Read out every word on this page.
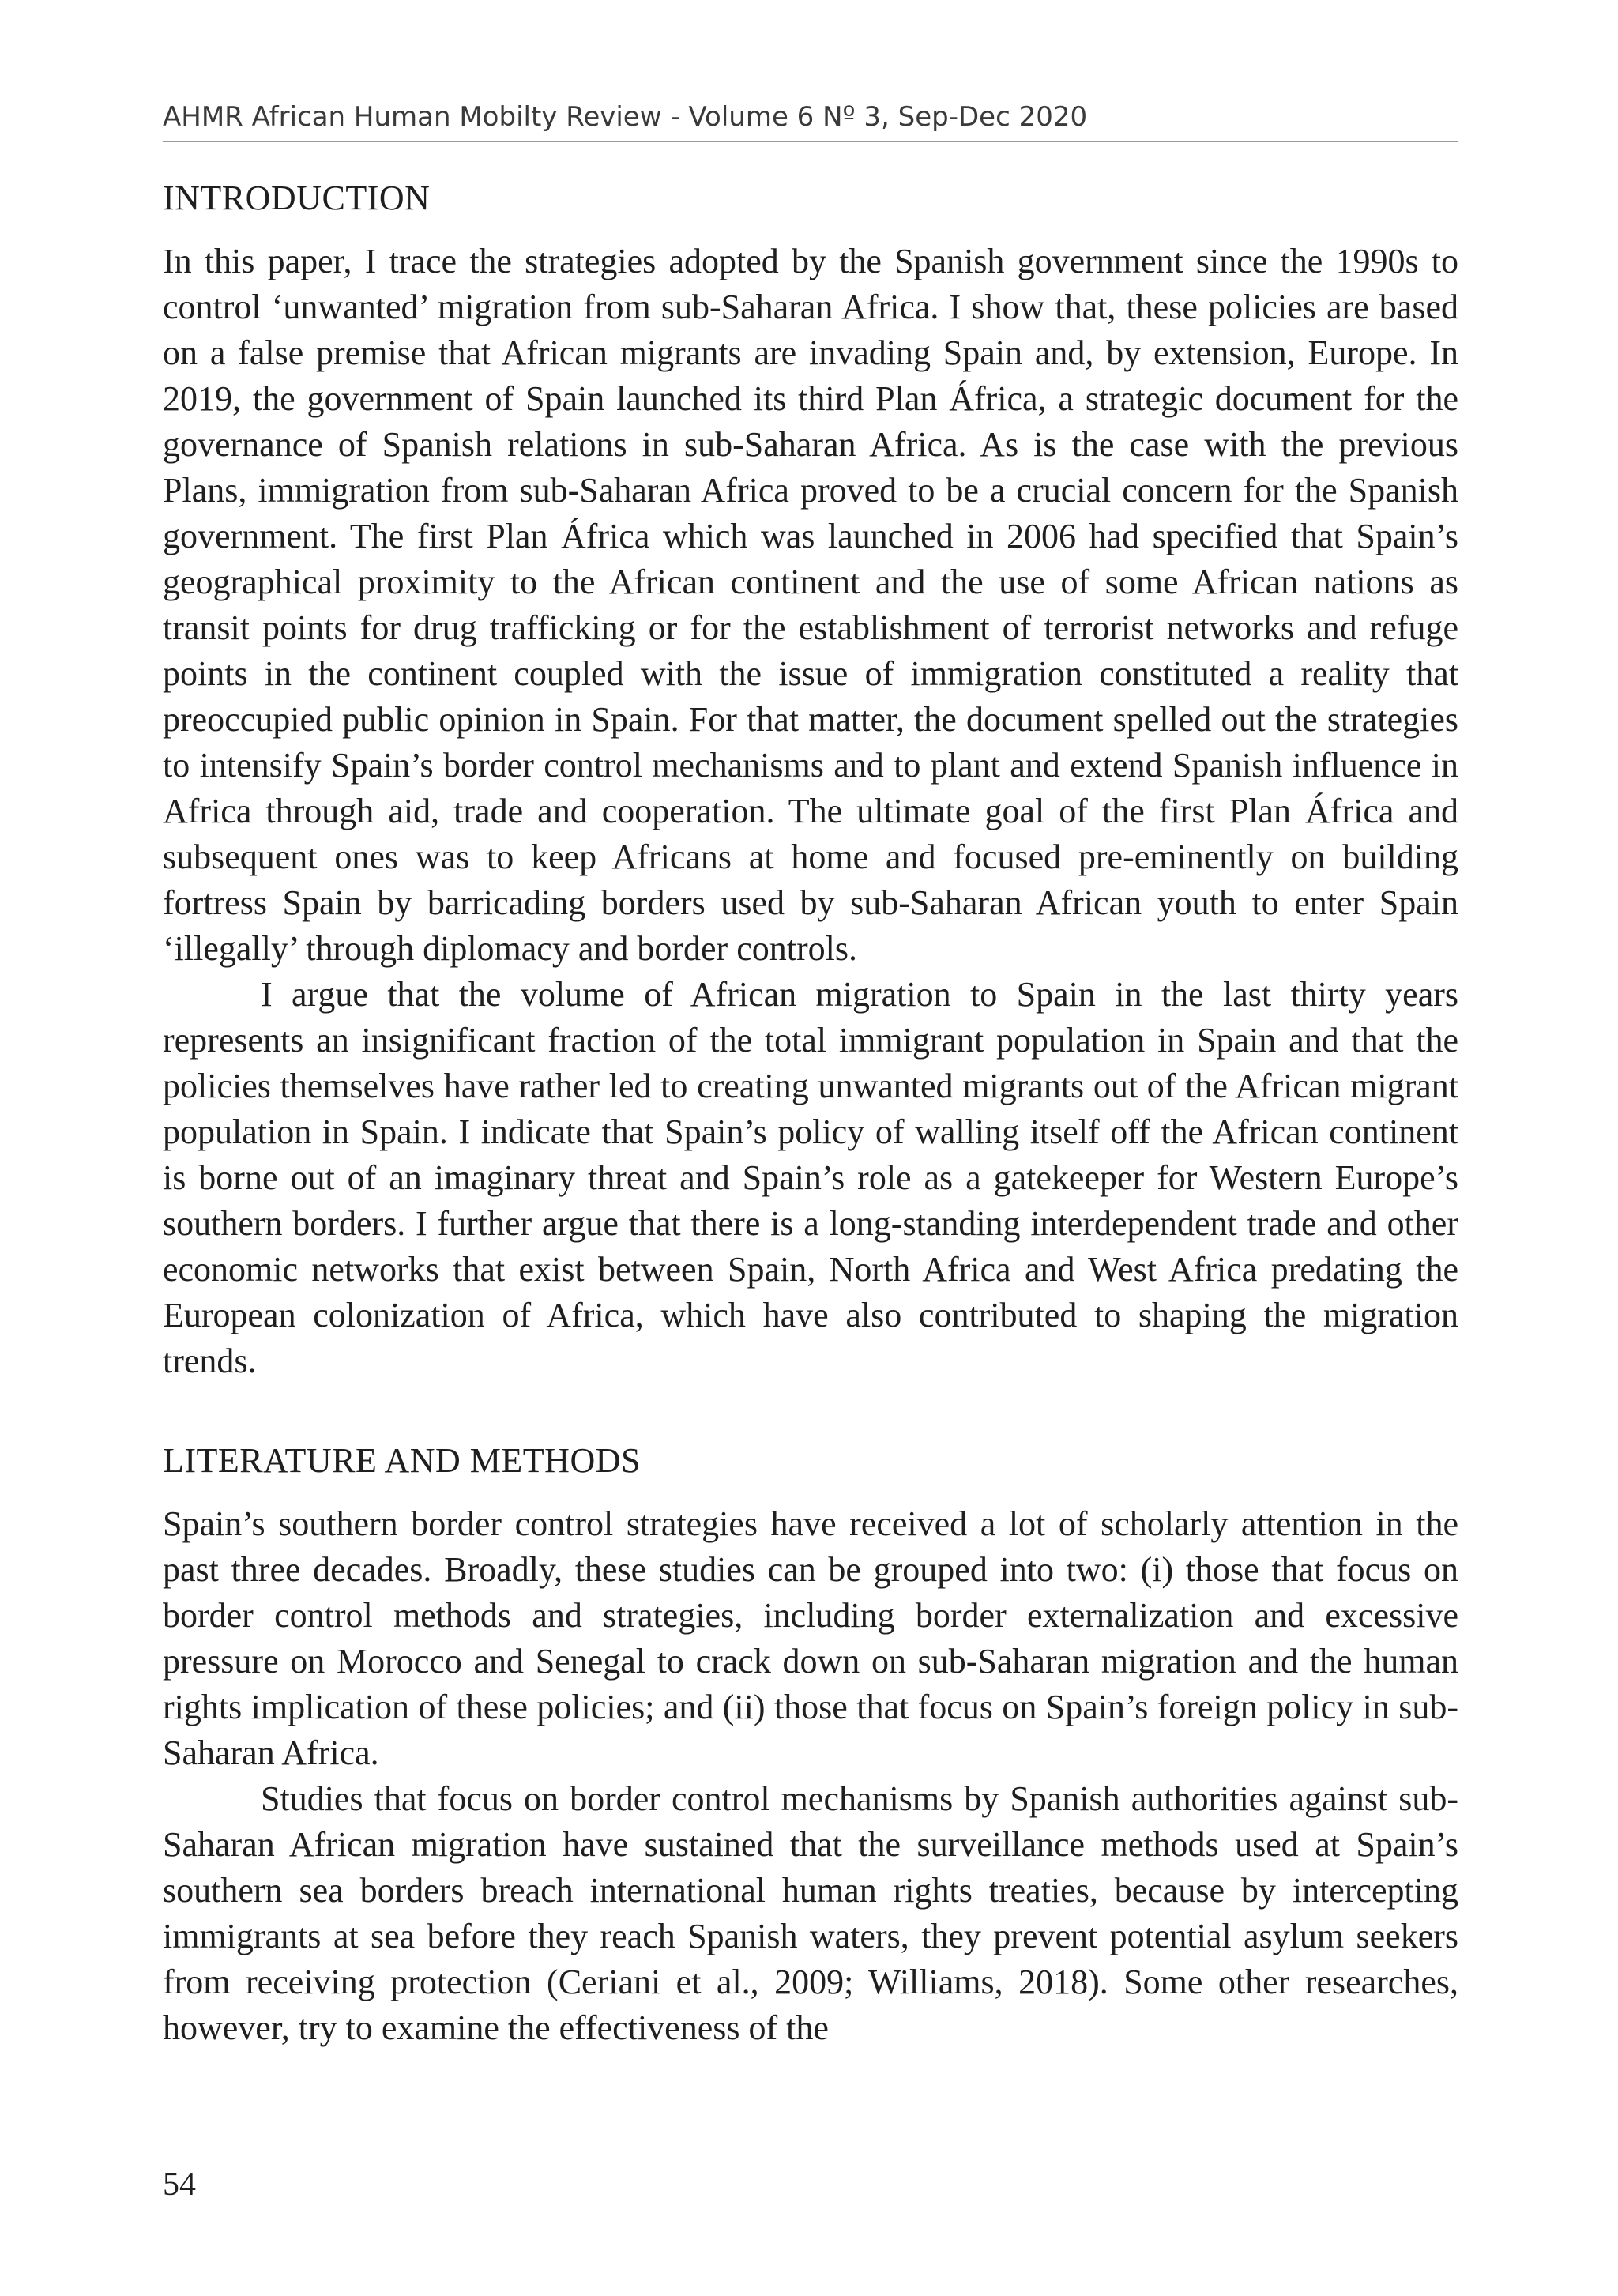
AHMR African Human Mobilty Review - Volume 6 Nº 3, Sep-Dec 2020
INTRODUCTION

In this paper, I trace the strategies adopted by the Spanish government since the 1990s to control ‘unwanted’ migration from sub-Saharan Africa. I show that, these policies are based on a false premise that African migrants are invading Spain and, by extension, Europe. In 2019, the government of Spain launched its third Plan África, a strategic document for the governance of Spanish relations in sub-Saharan Africa. As is the case with the previous Plans, immigration from sub-Saharan Africa proved to be a crucial concern for the Spanish government. The first Plan África which was launched in 2006 had specified that Spain’s geographical proximity to the African continent and the use of some African nations as transit points for drug trafficking or for the establishment of terrorist networks and refuge points in the continent coupled with the issue of immigration constituted a reality that preoccupied public opinion in Spain. For that matter, the document spelled out the strategies to intensify Spain’s border control mechanisms and to plant and extend Spanish influence in Africa through aid, trade and cooperation. The ultimate goal of the first Plan África and subsequent ones was to keep Africans at home and focused pre-eminently on building fortress Spain by barricading borders used by sub-Saharan African youth to enter Spain ‘illegally’ through diplomacy and border controls.

I argue that the volume of African migration to Spain in the last thirty years represents an insignificant fraction of the total immigrant population in Spain and that the policies themselves have rather led to creating unwanted migrants out of the African migrant population in Spain. I indicate that Spain’s policy of walling itself off the African continent is borne out of an imaginary threat and Spain’s role as a gatekeeper for Western Europe’s southern borders. I further argue that there is a long-standing interdependent trade and other economic networks that exist between Spain, North Africa and West Africa predating the European colonization of Africa, which have also contributed to shaping the migration trends.

LITERATURE AND METHODS

Spain’s southern border control strategies have received a lot of scholarly attention in the past three decades. Broadly, these studies can be grouped into two: (i) those that focus on border control methods and strategies, including border externalization and excessive pressure on Morocco and Senegal to crack down on sub-Saharan migration and the human rights implication of these policies; and (ii) those that focus on Spain’s foreign policy in sub-Saharan Africa.

Studies that focus on border control mechanisms by Spanish authorities against sub-Saharan African migration have sustained that the surveillance methods used at Spain’s southern sea borders breach international human rights treaties, because by intercepting immigrants at sea before they reach Spanish waters, they prevent potential asylum seekers from receiving protection (Ceriani et al., 2009; Williams, 2018). Some other researches, however, try to examine the effectiveness of the

54
